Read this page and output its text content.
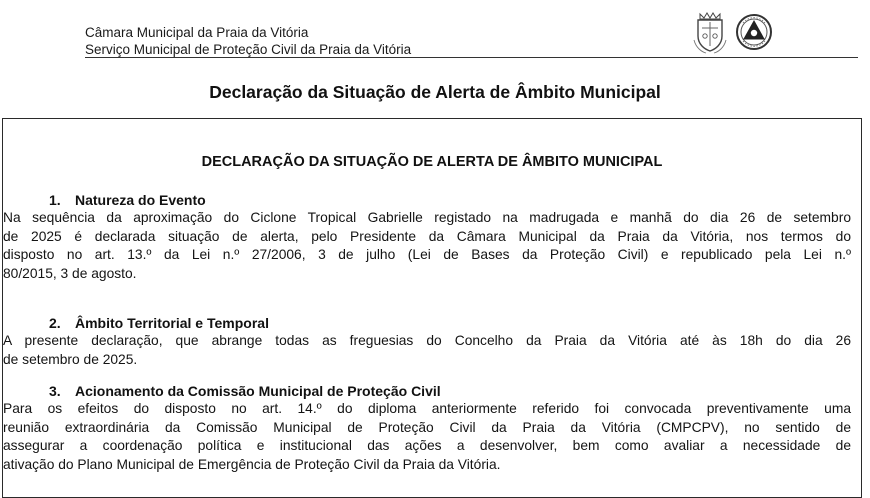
Câmara Municipal da Praia da Vitória
Serviço Municipal de Proteção Civil da Praia da Vitória
Declaração da Situação de Alerta de Âmbito Municipal
DECLARAÇÃO DA SITUAÇÃO DE ALERTA DE ÂMBITO MUNICIPAL
1. Natureza do Evento
Na sequência da aproximação do Ciclone Tropical Gabrielle registado na madrugada e manhã do dia 26 de setembro
de 2025 é declarada situação de alerta, pelo Presidente da Câmara Municipal da Praia da Vitória, nos termos do
disposto no art. 13.º da Lei n.º 27/2006, 3 de julho (Lei de Bases da Proteção Civil) e republicado pela Lei n.º
80/2015, 3 de agosto.
2. Âmbito Territorial e Temporal
A presente declaração, que abrange todas as freguesias do Concelho da Praia da Vitória até às 18h do dia 26
de setembro de 2025.
3. Acionamento da Comissão Municipal de Proteção Civil
Para os efeitos do disposto no art. 14.º do diploma anteriormente referido foi convocada preventivamente uma
reunião extraordinária da Comissão Municipal de Proteção Civil da Praia da Vitória (CMPCPV), no sentido de
assegurar a coordenação política e institucional das ações a desenvolver, bem como avaliar a necessidade de
ativação do Plano Municipal de Emergência de Proteção Civil da Praia da Vitória.
